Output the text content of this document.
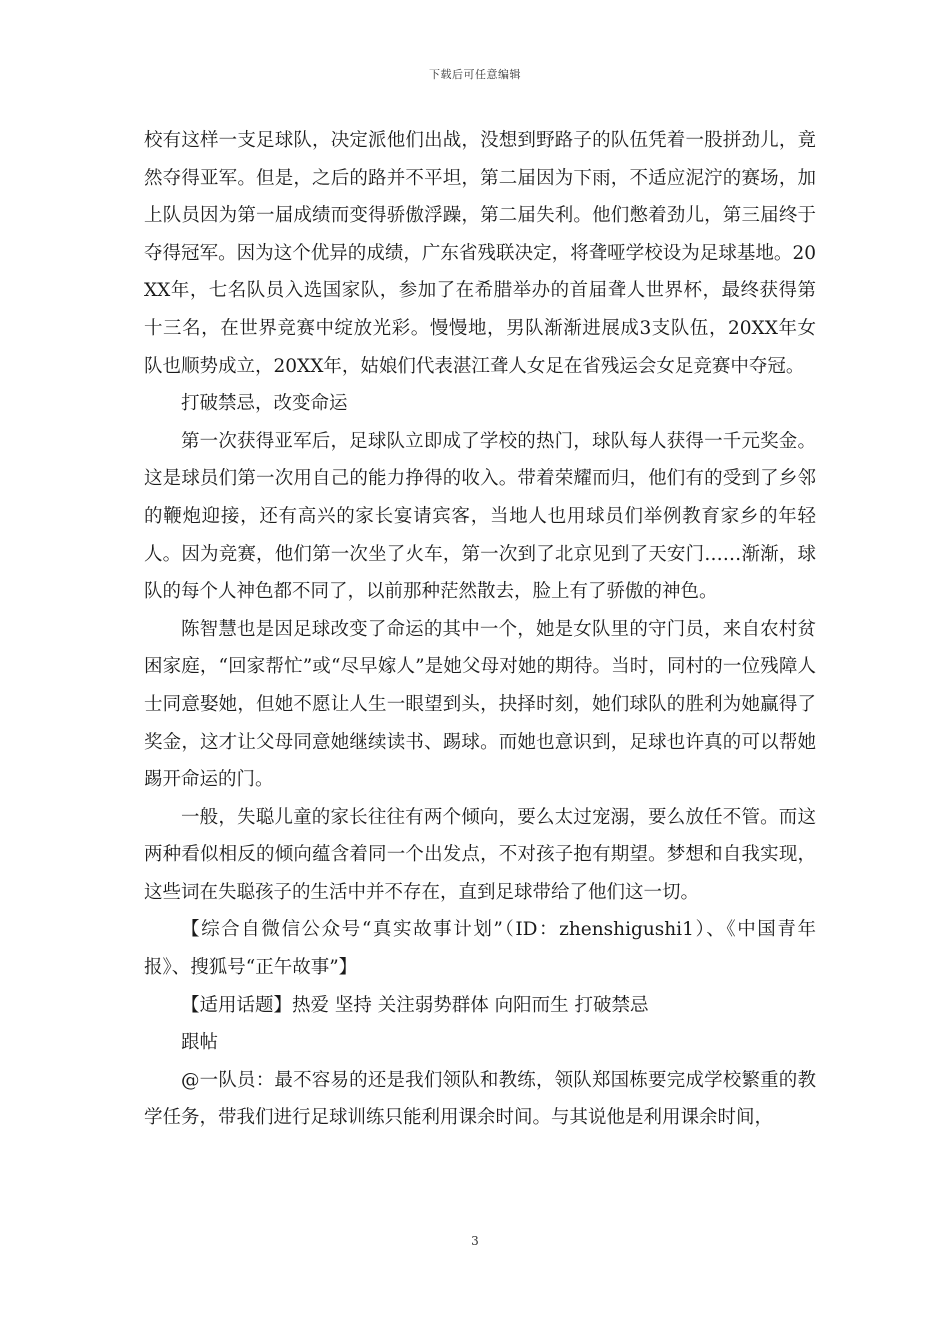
下载后可任意编辑

校有这样一支足球队，决定派他们出战，没想到野路子的队伍凭着一股拼劲儿，竟然夺得亚军。但是，之后的路并不平坦，第二届因为下雨，不适应泥泞的赛场，加上队员因为第一届成绩而变得骄傲浮躁，第二届失利。他们憋着劲儿，第三届终于夺得冠军。因为这个优异的成绩，广东省残联决定，将聋哑学校设为足球基地。20XX年，七名队员入选国家队，参加了在希腊举办的首届聋人世界杯，最终获得第十三名，在世界竞赛中绽放光彩。慢慢地，男队渐渐进展成3支队伍，20XX年女队也顺势成立，20XX年，姑娘们代表湛江聋人女足在省残运会女足竞赛中夺冠。

打破禁忌，改变命运

第一次获得亚军后，足球队立即成了学校的热门，球队每人获得一千元奖金。这是球员们第一次用自己的能力挣得的收入。带着荣耀而归，他们有的受到了乡邻的鞭炮迎接，还有高兴的家长宴请宾客，当地人也用球员们举例教育家乡的年轻人。因为竞赛，他们第一次坐了火车，第一次到了北京见到了天安门……渐渐，球队的每个人神色都不同了，以前那种茫然散去，脸上有了骄傲的神色。

陈智慧也是因足球改变了命运的其中一个，她是女队里的守门员，来自农村贫困家庭，“回家帮忙”或“尽早嫁人”是她父母对她的期待。当时，同村的一位残障人士同意娶她，但她不愿让人生一眼望到头，抉择时刻，她们球队的胜利为她赢得了奖金，这才让父母同意她继续读书、踢球。而她也意识到，足球也许真的可以帮她踢开命运的门。

一般，失聪儿童的家长往往有两个倾向，要么太过宠溺，要么放任不管。而这两种看似相反的倾向蕴含着同一个出发点，不对孩子抱有期望。梦想和自我实现，这些词在失聪孩子的生活中并不存在，直到足球带给了他们这一切。

【综合自微信公众号“真实故事计划”（ID：zhenshigushi1）、《中国青年报》、搜狐号“正午故事”】

【适用话题】热爱 坚持 关注弱势群体 向阳而生 打破禁忌

跟帖

@一队员：最不容易的还是我们领队和教练，领队郑国栋要完成学校繁重的教学任务，带我们进行足球训练只能利用课余时间。与其说他是利用课余时间，

3
